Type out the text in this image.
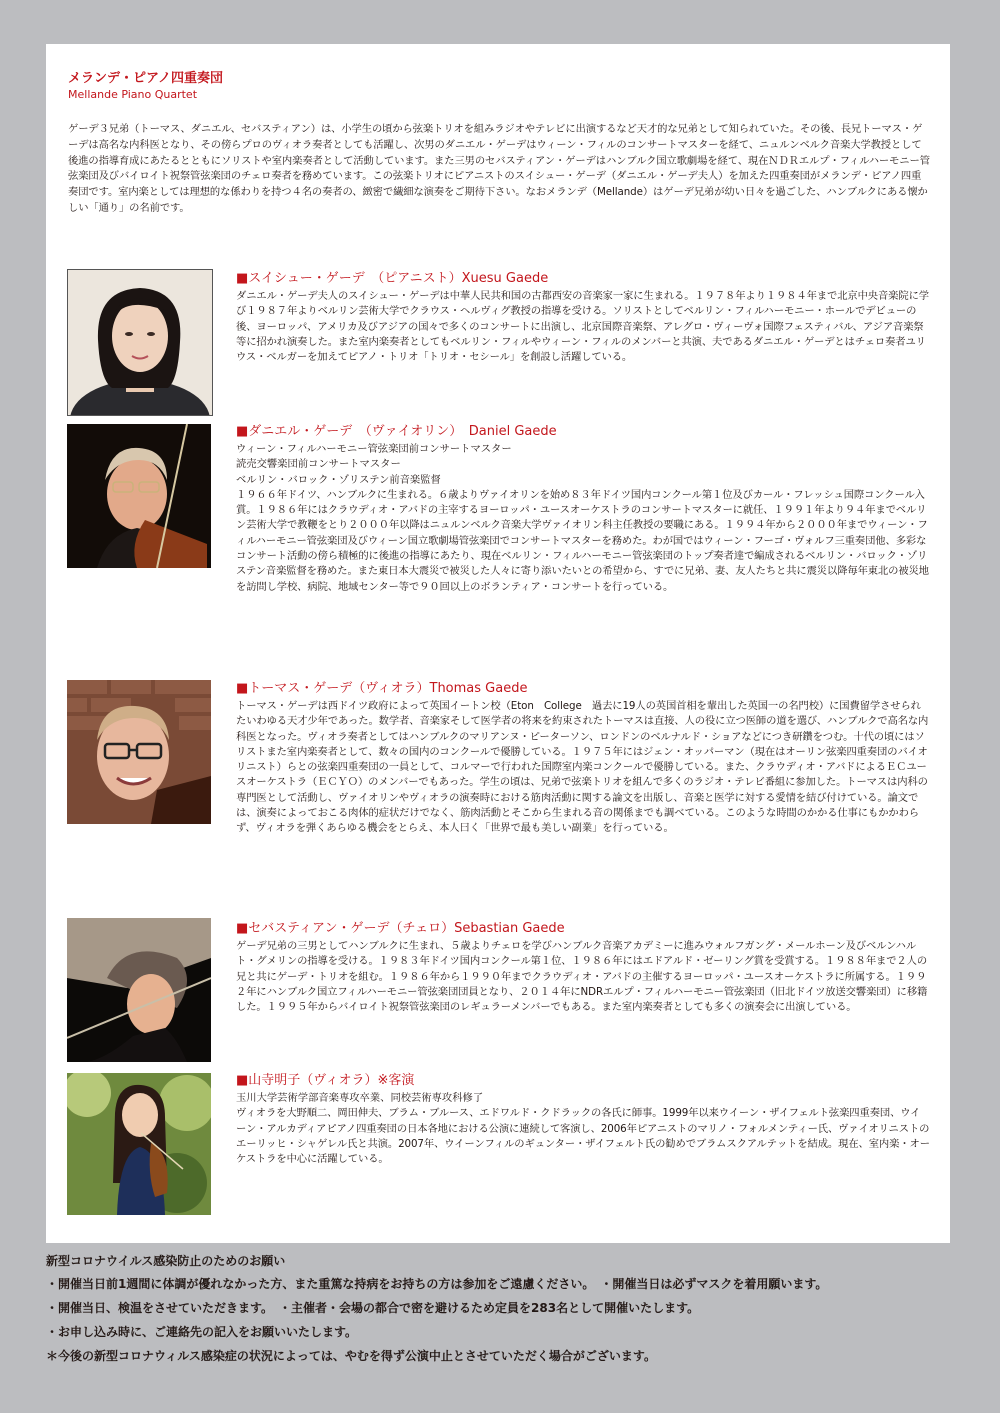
メランデ・ピアノ四重奏団
Mellande Piano Quartet
ゲーデ３兄弟（トーマス、ダニエル、セバスティアン）は、小学生の頃から弦楽トリオを組みラジオやテレビに出演するなど天才的な兄弟として知られていた。その後、長兄トーマス・ゲーデは高名な内科医となり、その傍らプロのヴィオラ奏者としても活躍し、次男のダニエル・ゲーデはウィーン・フィルのコンサートマスターを経て、ニュルンベルク音楽大学教授として後進の指導育成にあたるとともにソリストや室内楽奏者として活動しています。また三男のセバスティアン・ゲーデはハンブルク国立歌劇場を経て、現在ＮＤＲエルプ・フィルハーモニー管弦楽団及びバイロイト祝祭管弦楽団のチェロ奏者を務めています。この弦楽トリオにピアニストのスイシュー・ゲーデ（ダニエル・ゲーデ夫人）を加えた四重奏団がメランデ・ピアノ四重奏団です。室内楽としては理想的な係わりを持つ４名の奏者の、緻密で繊細な演奏をご期待下さい。なおメランデ（Mellande）はゲーデ兄弟が幼い日々を過ごした、ハンブルクにある懐かしい「通り」の名前です。
■スイシュー・ゲーデ　（ピアニスト）Xuesu Gaede
ダニエル・ゲーデ夫人のスイシュー・ゲーデは中華人民共和国の古都西安の音楽家一家に生まれる。１９７８年より１９８４年まで北京中央音楽院に学び１９８７年よりベルリン芸術大学でクラウス・ヘルヴィグ教授の指導を受ける。ソリストとしてベルリン・フィルハーモニー・ホールでデビューの後、ヨーロッパ、アメリカ及びアジアの国々で多くのコンサートに出演し、北京国際音楽祭、アレグロ・ヴィーヴォ国際フェスティバル、アジア音楽祭等に招かれ演奏した。また室内楽奏者としてもベルリン・フィルやウィーン・フィルのメンバーと共演、夫であるダニエル・ゲーデとはチェロ奏者ユリウス・ベルガーを加えてピアノ・トリオ「トリオ・セシール」を創設し活躍している。
■ダニエル・ゲーデ　（ヴァイオリン）　Daniel Gaede
ウィーン・フィルハーモニー管弦楽団前コンサートマスター
読売交響楽団前コンサートマスター
ベルリン・バロック・ゾリステン前音楽監督
１９６６年ドイツ、ハンブルクに生まれる。６歳よりヴァイオリンを始め８３年ドイツ国内コンクール第１位及びカール・フレッシュ国際コンクール入賞。１９８６年にはクラウディオ・アバドの主宰するヨーロッパ・ユースオーケストラのコンサートマスターに就任、１９９１年より９４年までベルリン芸術大学で教鞭をとり２０００年以降はニュルンベルク音楽大学ヴァイオリン科主任教授の要職にある。１９９４年から２０００年までウィーン・フィルハーモニー管弦楽団及びウィーン国立歌劇場管弦楽団でコンサートマスターを務めた。わが国ではウィーン・フーゴ・ヴォルフ三重奏団他、多彩なコンサート活動の傍ら積極的に後進の指導にあたり、現在ベルリン・フィルハーモニー管弦楽団のトップ奏者達で編成されるベルリン・バロック・ゾリステン音楽監督を務めた。また東日本大震災で被災した人々に寄り添いたいとの希望から、すでに兄弟、妻、友人たちと共に震災以降毎年東北の被災地を訪問し学校、病院、地域センター等で９０回以上のボランティア・コンサートを行っている。
■トーマス・ゲーデ（ヴィオラ）Thomas Gaede
トーマス・ゲーデは西ドイツ政府によって英国イートン校（Eton　College　過去に19人の英国首相を輩出した英国一の名門校）に国費留学させられたいわゆる天才少年であった。数学者、音楽家そして医学者の将来を約束されたトーマスは直接、人の役に立つ医師の道を選び、ハンブルクで高名な内科医となった。ヴィオラ奏者としてはハンブルクのマリアンヌ・ピーターソン、ロンドンのベルナルド・ショアなどにつき研鑽をつむ。十代の頃にはソリストまた室内楽奏者として、数々の国内のコンクールで優勝している。１９７５年にはジェン・オッパーマン（現在はオーリン弦楽四重奏団のバイオリニスト）らとの弦楽四重奏団の一員として、コルマーで行われた国際室内楽コンクールで優勝している。また、クラウディオ・アバドによるＥＣユースオーケストラ（ＥＣＹＯ）のメンバーでもあった。学生の頃は、兄弟で弦楽トリオを組んで多くのラジオ・テレビ番組に参加した。トーマスは内科の専門医として活動し、ヴァイオリンやヴィオラの演奏時における筋肉活動に関する論文を出版し、音楽と医学に対する愛情を結び付けている。論文では、演奏によっておこる肉体的症状だけでなく、筋肉活動とそこから生まれる音の関係までも調べている。このような時間のかかる仕事にもかかわらず、ヴィオラを弾くあらゆる機会をとらえ、本人曰く「世界で最も美しい副業」を行っている。
■セバスティアン・ゲーデ（チェロ）Sebastian Gaede
ゲーデ兄弟の三男としてハンブルクに生まれ、５歳よりチェロを学びハンブルク音楽アカデミーに進みウォルフガング・メールホーン及びベルンハルト・グメリンの指導を受ける。１９８３年ドイツ国内コンクール第１位、１９８６年にはエドアルド・ゼーリング賞を受賞する。１９８８年まで２人の兄と共にゲーデ・トリオを組む。１９８６年から１９９０年までクラウディオ・アバドの主催するヨーロッパ・ユースオーケストラに所属する。１９９２年にハンブルク国立フィルハーモニー管弦楽団団員となり、２０１４年にNDRエルプ・フィルハーモニー管弦楽団（旧北ドイツ放送交響楽団）に移籍した。１９９５年からバイロイト祝祭管弦楽団のレギュラーメンバーでもある。また室内楽奏者としても多くの演奏会に出演している。
■山寺明子（ヴィオラ）※客演
玉川大学芸術学部音楽専攻卒業、同校芸術専攻科修了
ヴィオラを大野順二、岡田伸夫、ブラム・ブルース、エドワルド・クドラックの各氏に師事。1999年以来ウイーン・ザイフェルト弦楽四重奏団、ウイーン・アルカディアピアノ四重奏団の日本各地における公演に連続して客演し、2006年ピアニストのマリノ・フォルメンティー氏、ヴァイオリニストのエーリッヒ・シャゲレル氏と共演。2007年、ウイーンフィルのギュンター・ザイフェルト氏の勧めでブラムスクアルテットを結成。現在、室内楽・オーケストラを中心に活躍している。
新型コロナウイルス感染防止のためのお願い
・開催当日前1週間に体調が優れなかった方、また重篤な持病をお持ちの方は参加をご遠慮ください。　・開催当日は必ずマスクを着用願います。
・開催当日、検温をさせていただきます。　・主催者・会場の都合で密を避けるため定員を283名として開催いたします。
・お申し込み時に、ご連絡先の記入をお願いいたします。
＊今後の新型コロナウィルス感染症の状況によっては、やむを得ず公演中止とさせていただく場合がございます。
